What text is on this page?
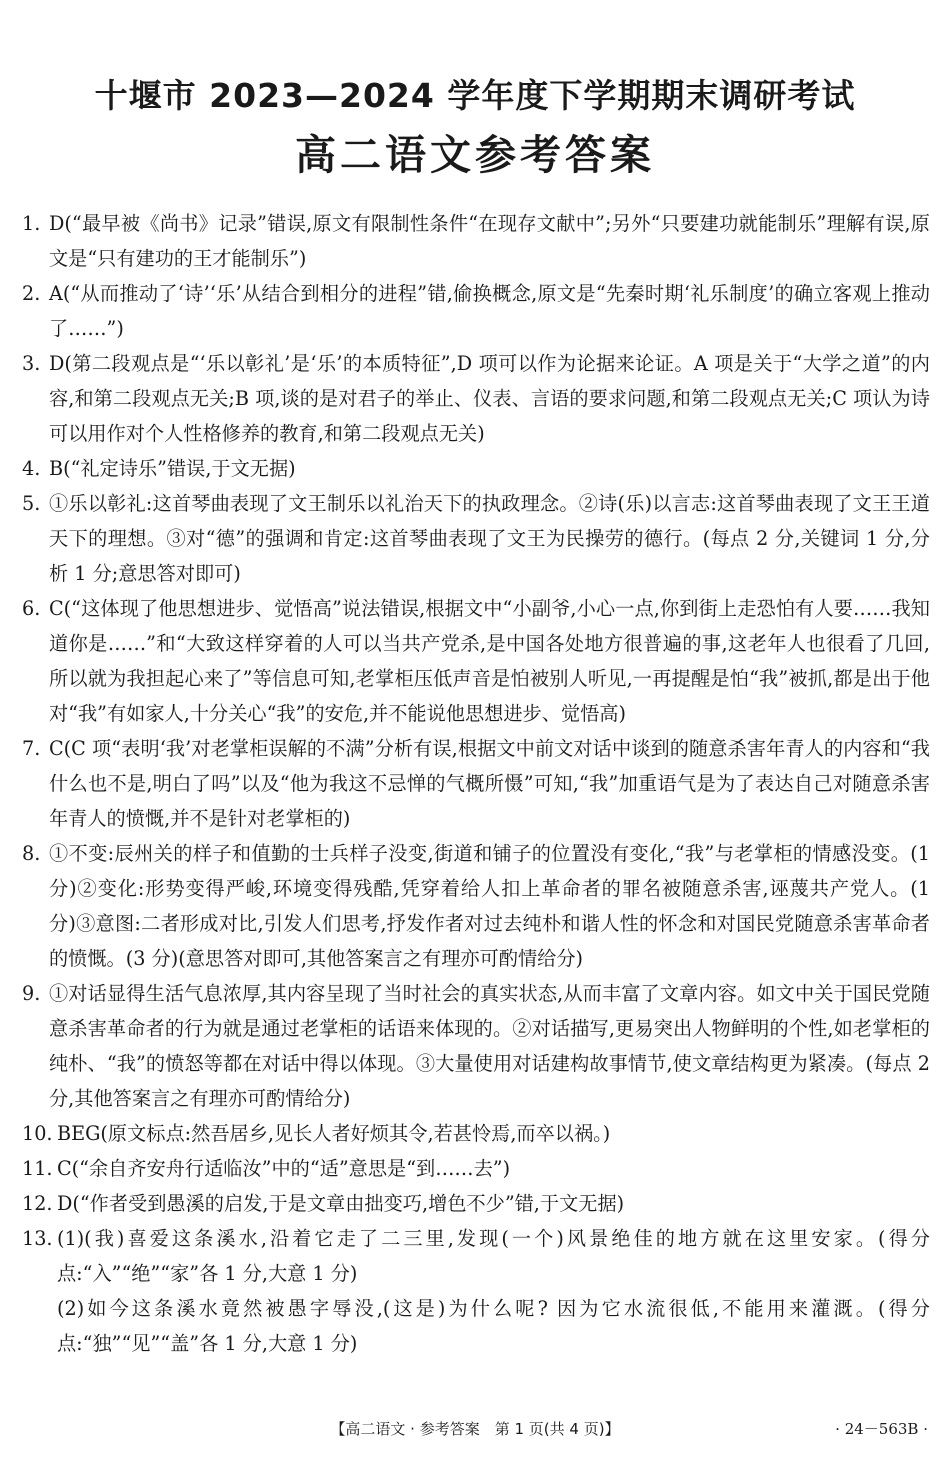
十堰市 2023—2024 学年度下学期期末调研考试
高二语文参考答案
1. D(“最早被《尚书》记录”错误,原文有限制性条件“在现存文献中”;另外“只要建功就能制乐”理解有误,原文是“只有建功的王才能制乐”)
2. A(“从而推动了‘诗’‘乐’从结合到相分的进程”错,偷换概念,原文是“先秦时期‘礼乐制度’的确立客观上推动了……”)
3. D(第二段观点是“‘乐以彰礼’是‘乐’的本质特征”,D 项可以作为论据来论证。A 项是关于“大学之道”的内容,和第二段观点无关;B 项,谈的是对君子的举止、仪表、言语的要求问题,和第二段观点无关;C 项认为诗可以用作对个人性格修养的教育,和第二段观点无关)
4. B(“礼定诗乐”错误,于文无据)
5. ①乐以彰礼:这首琴曲表现了文王制乐以礼治天下的执政理念。②诗(乐)以言志:这首琴曲表现了文王王道天下的理想。③对“德”的强调和肯定:这首琴曲表现了文王为民操劳的德行。(每点 2 分,关键词 1 分,分析 1 分;意思答对即可)
6. C(“这体现了他思想进步、觉悟高”说法错误,根据文中“小副爷,小心一点,你到街上走恐怕有人要……我知道你是……”和“大致这样穿着的人可以当共产党杀,是中国各处地方很普遍的事,这老年人也很看了几回,所以就为我担起心来了”等信息可知,老掌柜压低声音是怕被别人听见,一再提醒是怕“我”被抓,都是出于他对“我”有如家人,十分关心“我”的安危,并不能说他思想进步、觉悟高)
7. C(C 项“表明‘我’对老掌柜误解的不满”分析有误,根据文中前文对话中谈到的随意杀害年青人的内容和“我什么也不是,明白了吗”以及“他为我这不忌惮的气概所慑”可知,“我”加重语气是为了表达自己对随意杀害年青人的愤慨,并不是针对老掌柜的)
8. ①不变:辰州关的样子和值勤的士兵样子没变,街道和铺子的位置没有变化,“我”与老掌柜的情感没变。(1 分)②变化:形势变得严峻,环境变得残酷,凭穿着给人扣上革命者的罪名被随意杀害,诬蔑共产党人。(1 分)③意图:二者形成对比,引发人们思考,抒发作者对过去纯朴和谐人性的怀念和对国民党随意杀害革命者的愤慨。(3 分)(意思答对即可,其他答案言之有理亦可酌情给分)
9. ①对话显得生活气息浓厚,其内容呈现了当时社会的真实状态,从而丰富了文章内容。如文中关于国民党随意杀害革命者的行为就是通过老掌柜的话语来体现的。②对话描写,更易突出人物鲜明的个性,如老掌柜的纯朴、“我”的愤怒等都在对话中得以体现。③大量使用对话建构故事情节,使文章结构更为紧凑。(每点 2 分,其他答案言之有理亦可酌情给分)
10. BEG(原文标点:然吾居乡,见长人者好烦其令,若甚怜焉,而卒以祸。)
11. C(“余自齐安舟行适临汝”中的“适”意思是“到……去”)
12. D(“作者受到愚溪的启发,于是文章由拙变巧,增色不少”错,于文无据)
13. (1)(我)喜爱这条溪水,沿着它走了二三里,发现(一个)风景绝佳的地方就在这里安家。(得分点:“入”“绝”“家”各 1 分,大意 1 分)
(2)如今这条溪水竟然被愚字辱没,(这是)为什么呢? 因为它水流很低,不能用来灌溉。(得分点:“独”“见”“盖”各 1 分,大意 1 分)
【高二语文 · 参考答案　第 1 页(共 4 页)】	· 24－563B ·
